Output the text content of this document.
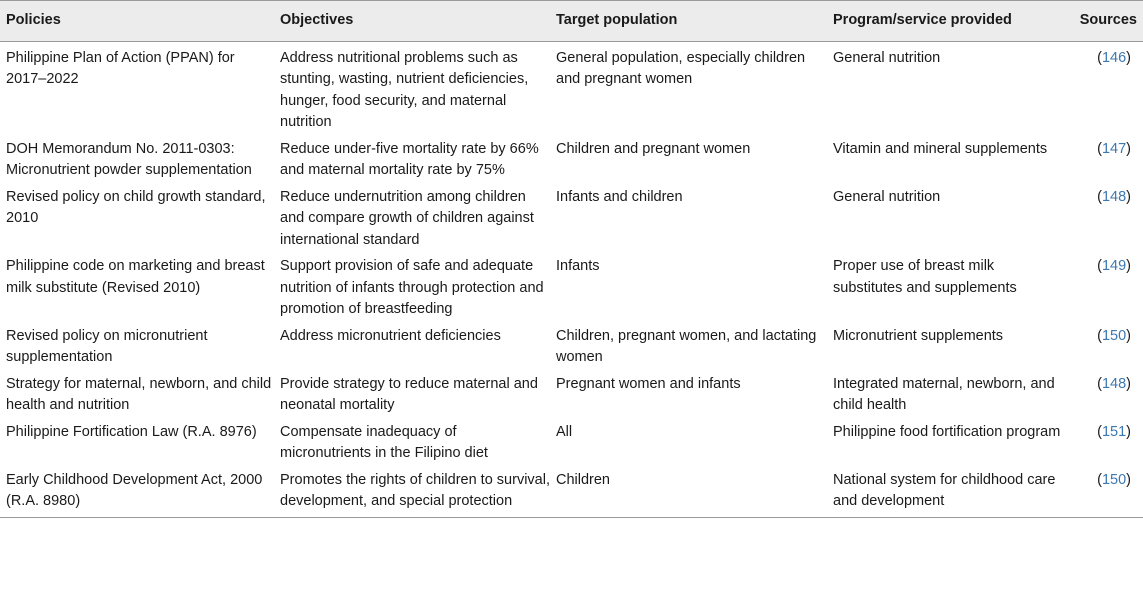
Policies	Objectives	Target population	Program/service provided	Sources
Philippine Plan of Action (PPAN) for 2017–2022	Address nutritional problems such as stunting, wasting, nutrient deficiencies, hunger, food security, and maternal nutrition	General population, especially children and pregnant women	General nutrition	(146)
DOH Memorandum No. 2011-0303: Micronutrient powder supplementation	Reduce under-five mortality rate by 66% and maternal mortality rate by 75%	Children and pregnant women	Vitamin and mineral supplements	(147)
Revised policy on child growth standard, 2010	Reduce undernutrition among children and compare growth of children against international standard	Infants and children	General nutrition	(148)
Philippine code on marketing and breast milk substitute (Revised 2010)	Support provision of safe and adequate nutrition of infants through protection and promotion of breastfeeding	Infants	Proper use of breast milk substitutes and supplements	(149)
Revised policy on micronutrient supplementation	Address micronutrient deficiencies	Children, pregnant women, and lactating women	Micronutrient supplements	(150)
Strategy for maternal, newborn, and child health and nutrition	Provide strategy to reduce maternal and neonatal mortality	Pregnant women and infants	Integrated maternal, newborn, and child health	(148)
Philippine Fortification Law (R.A. 8976)	Compensate inadequacy of micronutrients in the Filipino diet	All	Philippine food fortification program	(151)
Early Childhood Development Act, 2000 (R.A. 8980)	Promotes the rights of children to survival, development, and special protection	Children	National system for childhood care and development	(150)
